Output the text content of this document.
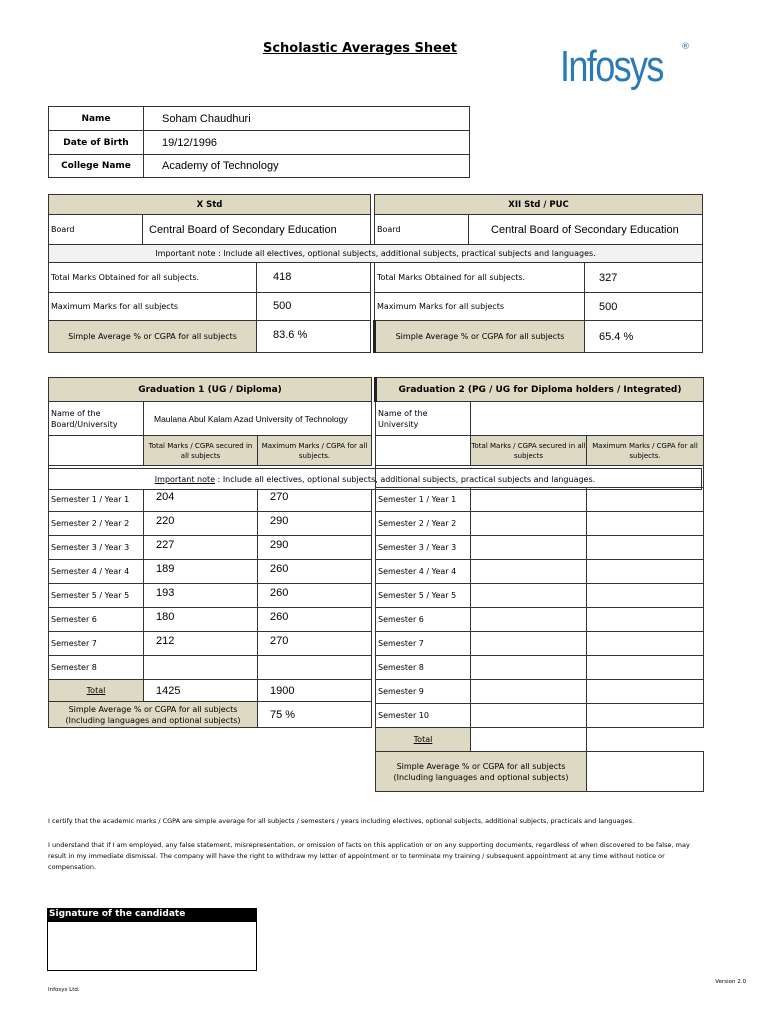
Scholastic Averages Sheet	Infosys ®
Name	Soham Chaudhuri
Date of Birth	19/12/1996
College Name	Academy of Technology
X Std			XII Std / PUC		
Board	Central Board of Secondary Education		Board	Central Board of Secondary Education	
Important note : Include all electives, optional subjects, additional subjects, practical subjects and languages.					

Total Marks Obtained for all subjects. 418			Total Marks Obtained for all subjects.		327

Maximum Marks for all subjects 500			Maximum Marks for all subjects		500

Simple Average % or CGPA for all subjects 83.6 %			Simple Average % or CGPA for all subjects		65.4 %
Graduation 1 (UG / Diploma)		
Name of the Board/University	Maulana Abul Kalam Azad University of Technology	
	Total Marks / CGPA secured in all subjects	Maximum Marks / CGPA for all subjects.

Semester 1 / Year 1	204	270
Semester 2 / Year 2	220	290
Semester 3 / Year 3	227	290
Semester 4 / Year 4	189	260
Semester 5 / Year 5	193	260
Semester 6	180	260
Semester 7	212	270
Semester 8		
Total	1425	1900
Simple Average % or CGPA for all subjects (Including languages and optional subjects)		75 %
Important note : Include all electives, optional subjects, additional subjects, practical subjects and languages.
Graduation 2 (PG / UG for Diploma holders / Integrated)		
Name of the University		
	Total Marks / CGPA secured in all subjects	Maximum Marks / CGPA for all subjects.

Semester 1 / Year 1		
Semester 2 / Year 2		
Semester 3 / Year 3		
Semester 4 / Year 4		
Semester 5 / Year 5		
Semester 6		
Semester 7		
Semester 8		
Semester 9		
Semester 10		
Total		
Simple Average % or CGPA for all subjects (Including languages and optional subjects)		
I certify that the academic marks / CGPA are simple average for all subjects / semesters / years including electives, optional subjects, additional subjects, practicals and languages.
I understand that if I am employed, any false statement, misrepresentation, or omission of facts on this application or on any supporting documents, regardless of when discovered to be false, may result in my immediate dismissal. The company will have the right to withdraw my letter of appointment or to terminate my training / subsequent appointment at any time without notice or compensation.
Signature of the candidate
Version 2.0
Infosys Ltd.
